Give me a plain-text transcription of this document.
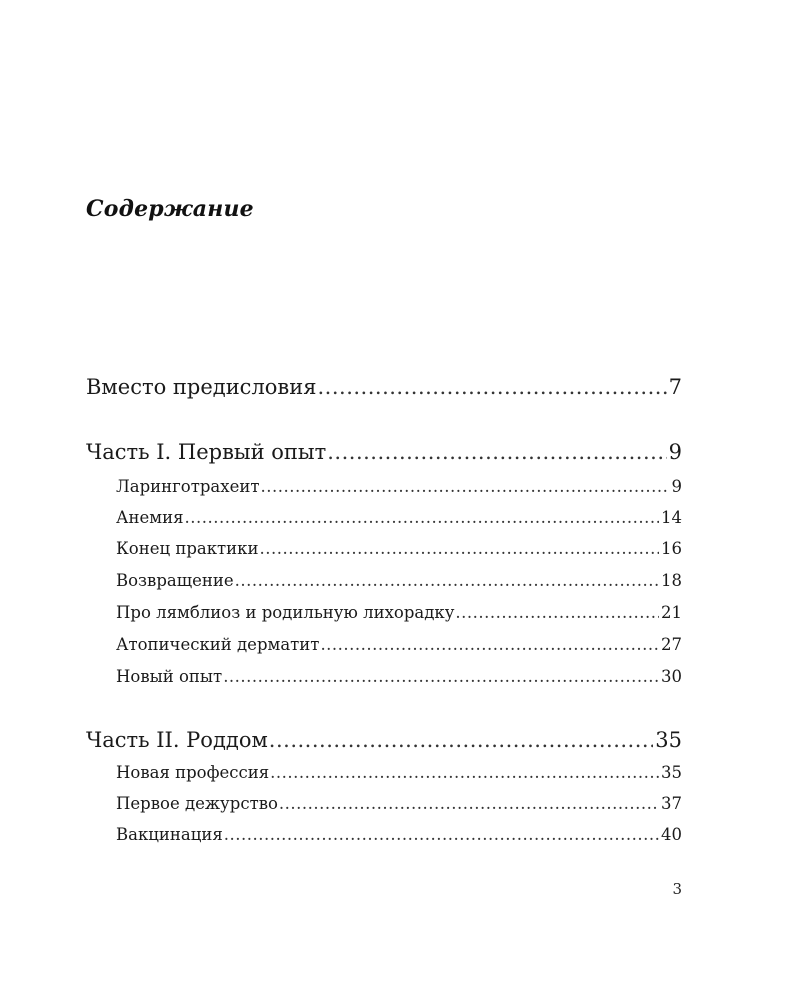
Содержание
Вместо предисловия .....	7
Часть I. Первый опыт .....	9
Ларинготрахеит .....	9
Анемия .....	14
Конец практики .....	16
Возвращение .....	18
Про лямблиоз и родильную лихорадку .....	21
Атопический дерматит .....	27
Новый опыт .....	30
Часть II. Роддом .....	35
Новая профессия .....	35
Первое дежурство .....	37
Вакцинация .....	40
3
